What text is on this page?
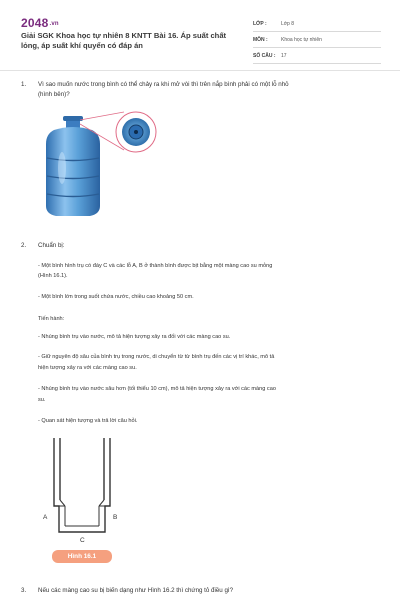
2048.vn
Giải SGK Khoa học tự nhiên 8 KNTT Bài 16. Áp suất chất lỏng, áp suất khí quyển có đáp án
LỚP :	Lớp 8
MÔN :	Khoa học tự nhiên
SỐ CÂU :	17
1. Vì sao muốn nước trong bình có thể chảy ra khi mở vòi thì trên nắp bình phải có một lỗ nhỏ
(hình bên)?
2. Chuẩn bị:
- Một bình hình trụ có đáy C và các lỗ A, B ở thành bình được bịt bằng một màng cao su mỏng
(Hình 16.1).
- Một bình lớn trong suốt chứa nước, chiều cao khoảng 50 cm.
Tiến hành:
- Nhúng bình trụ vào nước, mô tả hiện tượng xảy ra đối với các màng cao su.
- Giữ nguyên độ sâu của bình trụ trong nước, di chuyển từ từ bình trụ đến các vị trí khác, mô tả
hiện tượng xảy ra với các màng cao su.
- Nhúng bình trụ vào nước sâu hơn (tối thiểu 10 cm), mô tả hiện tượng xảy ra với các màng cao
su.
- Quan sát hiện tượng và trả lời câu hỏi.
A	B
C
Hình 16.1
3. Nếu các màng cao su bị biến dạng như Hình 16.2 thì chứng tỏ điều gì?
